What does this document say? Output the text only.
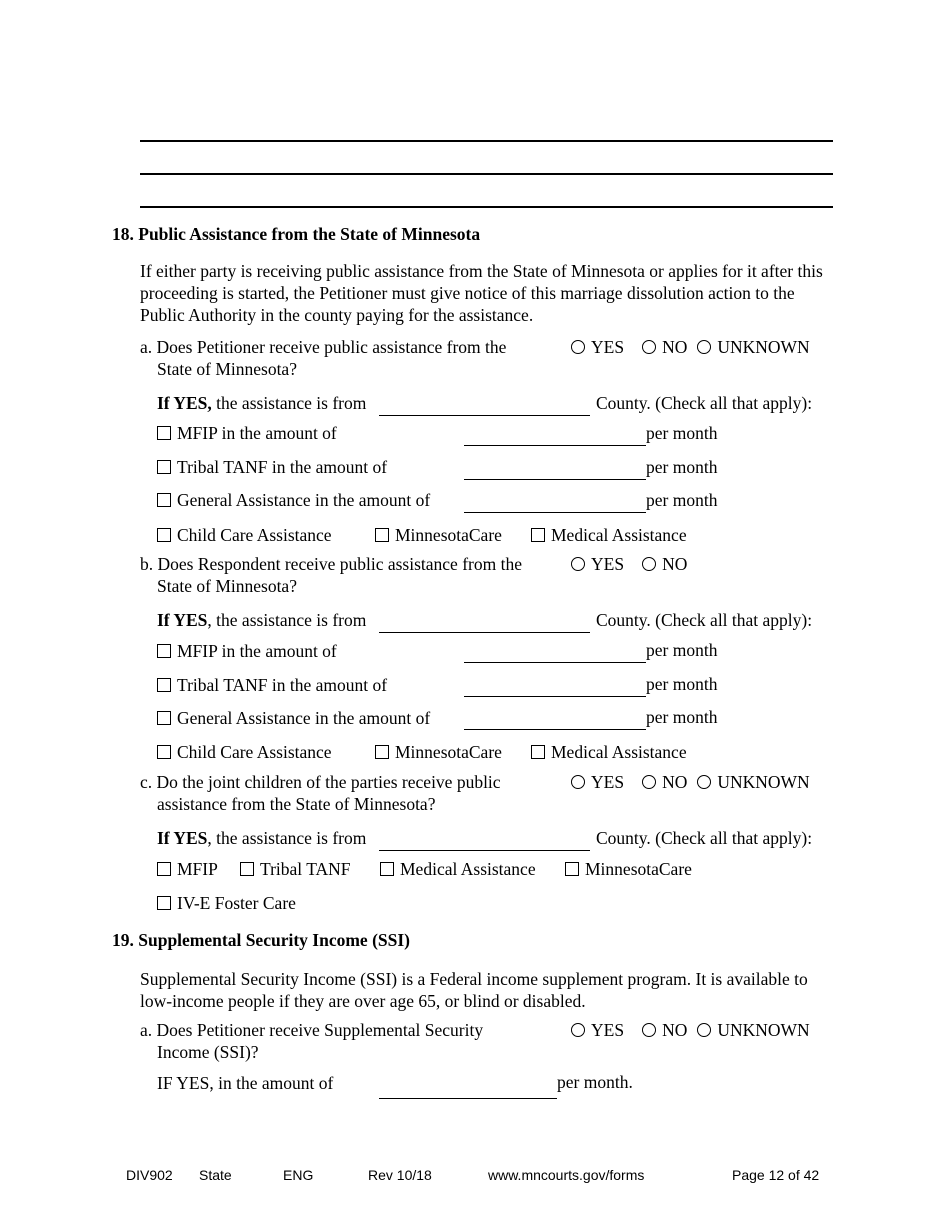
18. Public Assistance from the State of Minnesota
If either party is receiving public assistance from the State of Minnesota or applies for it after this proceeding is started, the Petitioner must give notice of this marriage dissolution action to the Public Authority in the county paying for the assistance.
a. Does Petitioner receive public assistance from the
State of Minnesota?
YES NO UNKNOWN
If YES, the assistance is from	County. (Check all that apply):
MFIP in the amount of	per month
Tribal TANF in the amount of	per month
General Assistance in the amount of	per month
Child Care Assistance	MinnesotaCare	Medical Assistance
b. Does Respondent receive public assistance from the
State of Minnesota?
YES NO
If YES, the assistance is from	County. (Check all that apply):
MFIP in the amount of	per month
Tribal TANF in the amount of	per month
General Assistance in the amount of	per month
Child Care Assistance	MinnesotaCare	Medical Assistance
c. Do the joint children of the parties receive public
assistance from the State of Minnesota?
YES NO UNKNOWN
If YES, the assistance is from	County. (Check all that apply):
MFIP	Tribal TANF	Medical Assistance	MinnesotaCare
IV-E Foster Care
19. Supplemental Security Income (SSI)
Supplemental Security Income (SSI) is a Federal income supplement program. It is available to low-income people if they are over age 65, or blind or disabled.
a. Does Petitioner receive Supplemental Security
Income (SSI)?
YES NO UNKNOWN
IF YES, in the amount of	per month.
DIV902 State	ENG	Rev 10/18	www.mncourts.gov/forms	Page 12 of 42
